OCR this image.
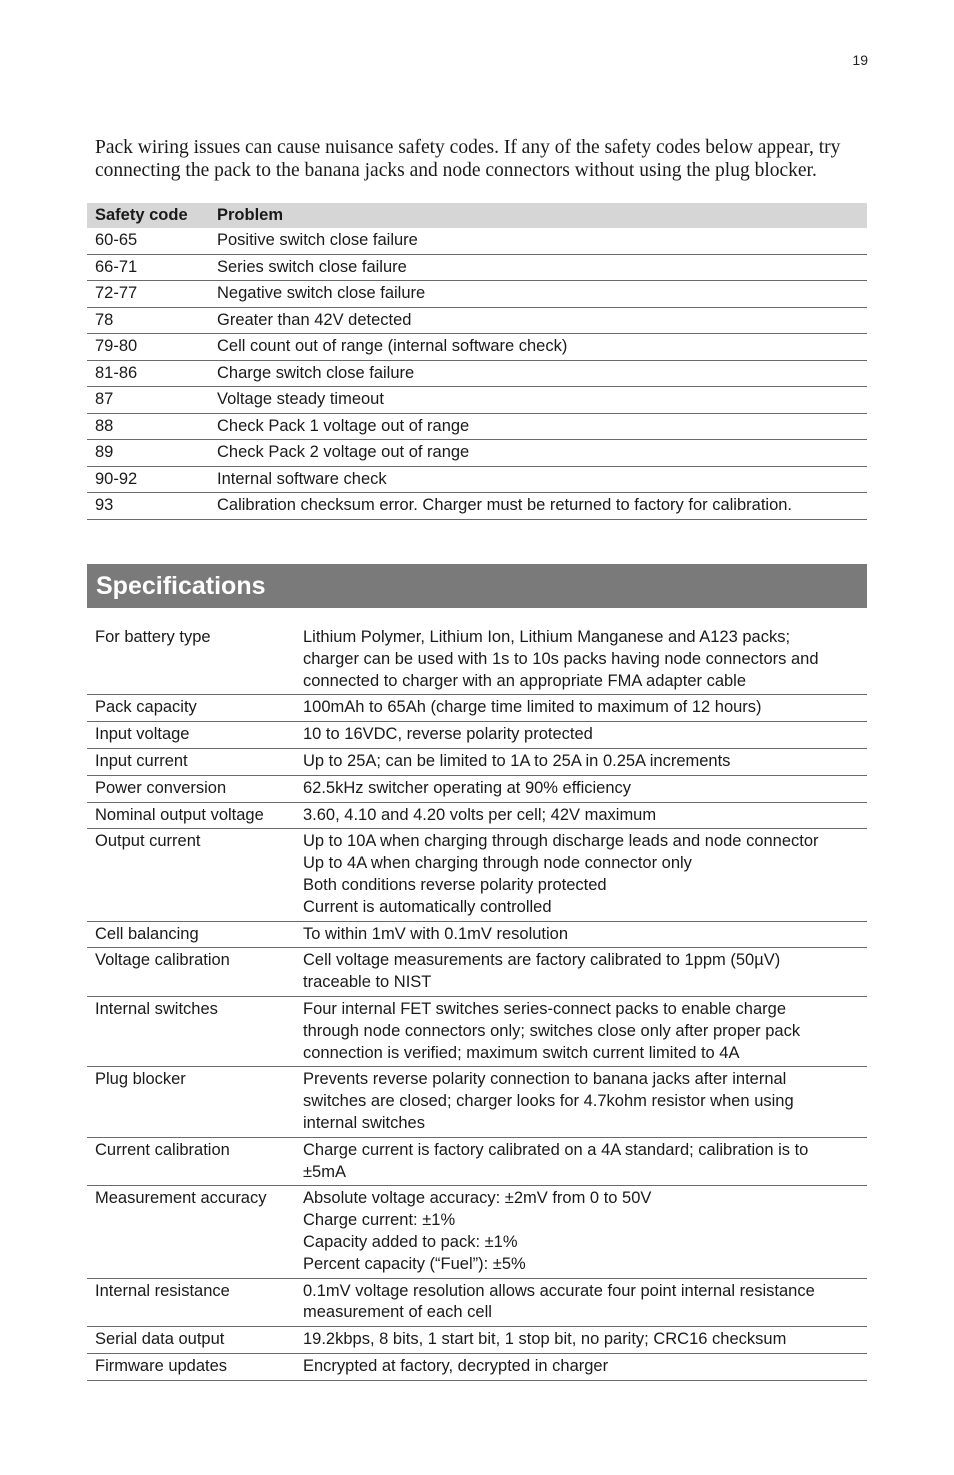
19

Pack wiring issues can cause nuisance safety codes. If any of the safety codes below appear, try connecting the pack to the banana jacks and node connectors without using the plug blocker.

Safety code	Problem
60-65	Positive switch close failure
66-71	Series switch close failure
72-77	Negative switch close failure
78	Greater than 42V detected
79-80	Cell count out of range (internal software check)
81-86	Charge switch close failure
87	Voltage steady timeout
88	Check Pack 1 voltage out of range
89	Check Pack 2 voltage out of range
90-92	Internal software check
93	Calibration checksum error. Charger must be returned to factory for calibration.
Specifications
For battery type	Lithium Polymer, Lithium Ion, Lithium Manganese and A123 packs;
charger can be used with 1s to 10s packs having node connectors and
connected to charger with an appropriate FMA adapter cable

Pack capacity	100mAh to 65Ah (charge time limited to maximum of 12 hours)

Input voltage	10 to 16VDC, reverse polarity protected

Input current	Up to 25A; can be limited to 1A to 25A in 0.25A increments

Power conversion	62.5kHz switcher operating at 90% efficiency

Nominal output voltage	3.60, 4.10 and 4.20 volts per cell; 42V maximum

Output current	Up to 10A when charging through discharge leads and node connector
Up to 4A when charging through node connector only
Both conditions reverse polarity protected
Current is automatically controlled

Cell balancing	To within 1mV with 0.1mV resolution

Voltage calibration	Cell voltage measurements are factory calibrated to 1ppm (50µV)
traceable to NIST

Internal switches	Four internal FET switches series-connect packs to enable charge
through node connectors only; switches close only after proper pack
connection is verified; maximum switch current limited to 4A

Plug blocker	Prevents reverse polarity connection to banana jacks after internal
switches are closed; charger looks for 4.7kohm resistor when using
internal switches

Current calibration	Charge current is factory calibrated on a 4A standard; calibration is to
±5mA

Measurement accuracy	Absolute voltage accuracy: ±2mV from 0 to 50V
Charge current: ±1%
Capacity added to pack: ±1%
Percent capacity (“Fuel”): ±5%

Internal resistance	0.1mV voltage resolution allows accurate four point internal resistance
measurement of each cell

Serial data output	19.2kbps, 8 bits, 1 start bit, 1 stop bit, no parity; CRC16 checksum

Firmware updates	Encrypted at factory, decrypted in charger
